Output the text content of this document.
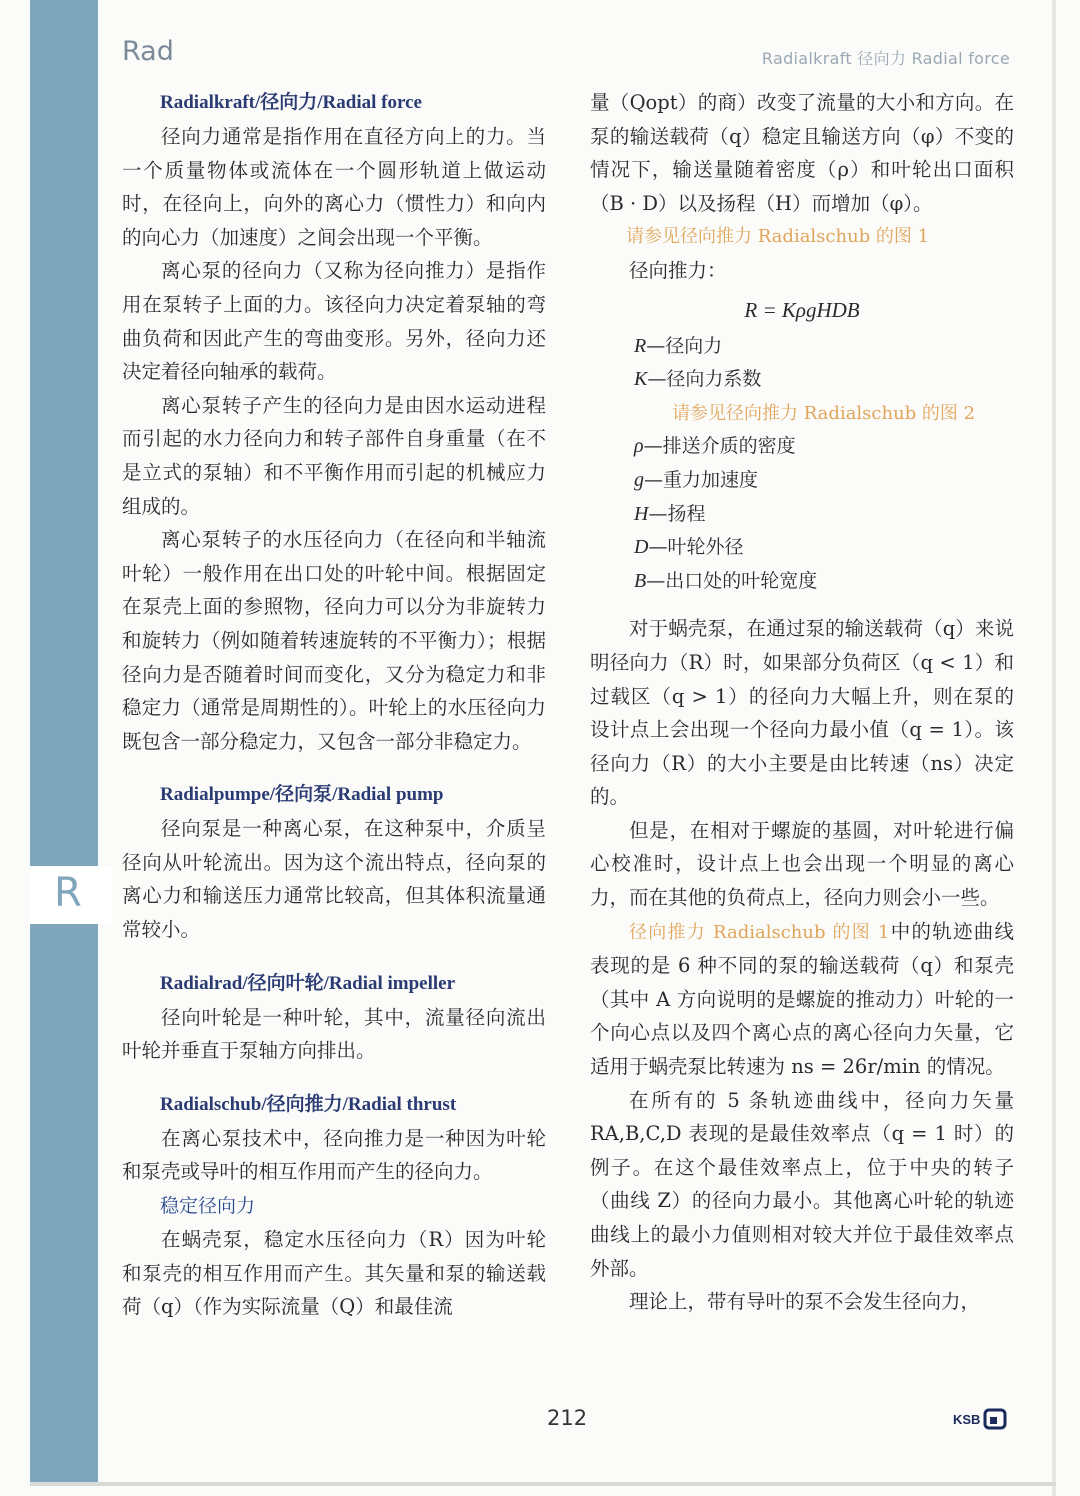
R
Rad	Radialkraft 径向力 Radial force

Radialkraft/径向力/Radial force

径向力通常是指作用在直径方向上的力。当一个质量物体或流体在一个圆形轨道上做运动时，在径向上，向外的离心力（惯性力）和向内的向心力（加速度）之间会出现一个平衡。

离心泵的径向力（又称为径向推力）是指作用在泵转子上面的力。该径向力决定着泵轴的弯曲负荷和因此产生的弯曲变形。另外，径向力还决定着径向轴承的载荷。

离心泵转子产生的径向力是由因水运动进程而引起的水力径向力和转子部件自身重量（在不是立式的泵轴）和不平衡作用而引起的机械应力组成的。

离心泵转子的水压径向力（在径向和半轴流叶轮）一般作用在出口处的叶轮中间。根据固定在泵壳上面的参照物，径向力可以分为非旋转力和旋转力（例如随着转速旋转的不平衡力）；根据径向力是否随着时间而变化，又分为稳定力和非稳定力（通常是周期性的）。叶轮上的水压径向力既包含一部分稳定力，又包含一部分非稳定力。

Radialpumpe/径向泵/Radial pump

径向泵是一种离心泵，在这种泵中，介质呈径向从叶轮流出。因为这个流出特点，径向泵的离心力和输送压力通常比较高，但其体积流量通常较小。

Radialrad/径向叶轮/Radial impeller

径向叶轮是一种叶轮，其中，流量径向流出叶轮并垂直于泵轴方向排出。

Radialschub/径向推力/Radial thrust

在离心泵技术中，径向推力是一种因为叶轮和泵壳或导叶的相互作用而产生的径向力。

稳定径向力

在蜗壳泵，稳定水压径向力（R）因为叶轮和泵壳的相互作用而产生。其矢量和泵的输送载荷（q）（作为实际流量（Q）和最佳流

量（Qopt）的商）改变了流量的大小和方向。在泵的输送载荷（q）稳定且输送方向（φ）不变的情况下，输送量随着密度（ρ）和叶轮出口面积（B · D）以及扬程（H）而增加（φ）。

请参见径向推力 Radialschub 的图 1

径向推力：

R = KρgHDB
R—径向力
K—径向力系数

请参见径向推力 Radialschub 的图 2

ρ—排送介质的密度
g—重力加速度
H—扬程
D—叶轮外径
B—出口处的叶轮宽度

对于蜗壳泵，在通过泵的输送载荷（q）来说明径向力（R）时，如果部分负荷区（q < 1）和过载区（q > 1）的径向力大幅上升，则在泵的设计点上会出现一个径向力最小值（q = 1）。该径向力（R）的大小主要是由比转速（ns）决定的。

但是，在相对于螺旋的基圆，对叶轮进行偏心校准时，设计点上也会出现一个明显的离心力，而在其他的负荷点上，径向力则会小一些。

径向推力 Radialschub 的图 1中的轨迹曲线表现的是 6 种不同的泵的输送载荷（q）和泵壳（其中 A 方向说明的是螺旋的推动力）叶轮的一个向心点以及四个离心点的离心径向力矢量，它适用于蜗壳泵比转速为 ns = 26r/min 的情况。

在所有的 5 条轨迹曲线中，径向力矢量 RA,B,C,D 表现的是最佳效率点（q = 1 时）的例子。在这个最佳效率点上，位于中央的转子（曲线 Z）的径向力最小。其他离心叶轮的轨迹曲线上的最小力值则相对较大并位于最佳效率点外部。

理论上，带有导叶的泵不会发生径向力，

212	KSB
